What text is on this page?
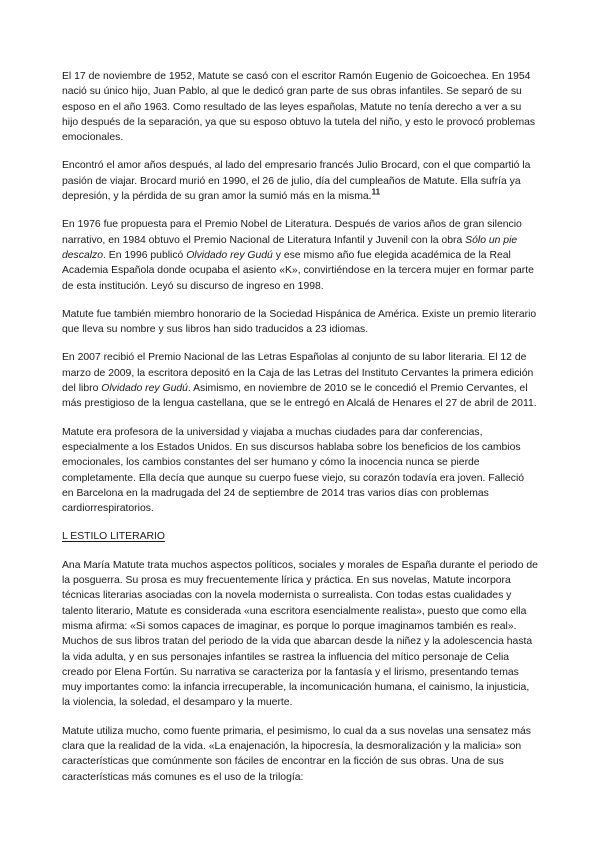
El 17 de noviembre de 1952, Matute se casó con el escritor Ramón Eugenio de Goicoechea. En 1954 nació su único hijo, Juan Pablo, al que le dedicó gran parte de sus obras infantiles. Se separó de su esposo en el año 1963. Como resultado de las leyes españolas, Matute no tenía derecho a ver a su hijo después de la separación, ya que su esposo obtuvo la tutela del niño, y esto le provocó problemas emocionales.

Encontró el amor años después, al lado del empresario francés Julio Brocard, con el que compartió la pasión de viajar. Brocard murió en 1990, el 26 de julio, día del cumpleaños de Matute. Ella sufría ya depresión, y la pérdida de su gran amor la sumió más en la misma.$^{11}$

En 1976 fue propuesta para el Premio Nobel de Literatura. Después de varios años de gran silencio narrativo, en 1984 obtuvo el Premio Nacional de Literatura Infantil y Juvenil con la obra Sólo un pie descalzo. En 1996 publicó Olvidado rey Gudú y ese mismo año fue elegida académica de la Real Academia Española donde ocupaba el asiento «K», convirtiéndose en la tercera mujer en formar parte de esta institución. Leyó su discurso de ingreso en 1998.

Matute fue también miembro honorario de la Sociedad Hispánica de América. Existe un premio literario que lleva su nombre y sus libros han sido traducidos a 23 idiomas.

En 2007 recibió el Premio Nacional de las Letras Españolas al conjunto de su labor literaria. El 12 de marzo de 2009, la escritora depositó en la Caja de las Letras del Instituto Cervantes la primera edición del libro Olvidado rey Gudú. Asimismo, en noviembre de 2010 se le concedió el Premio Cervantes, el más prestigioso de la lengua castellana, que se le entregó en Alcalá de Henares el 27 de abril de 2011.

Matute era profesora de la universidad y viajaba a muchas ciudades para dar conferencias, especialmente a los Estados Unidos. En sus discursos hablaba sobre los beneficios de los cambios emocionales, los cambios constantes del ser humano y cómo la inocencia nunca se pierde completamente. Ella decía que aunque su cuerpo fuese viejo, su corazón todavía era joven. Falleció en Barcelona en la madrugada del 24 de septiembre de 2014 tras varios días con problemas cardiorrespiratorios.

L ESTILO LITERARIO

Ana María Matute trata muchos aspectos políticos, sociales y morales de España durante el periodo de la posguerra. Su prosa es muy frecuentemente lírica y práctica. En sus novelas, Matute incorpora técnicas literarias asociadas con la novela modernista o surrealista. Con todas estas cualidades y talento literario, Matute es considerada «una escritora esencialmente realista», puesto que como ella misma afirma: «Si somos capaces de imaginar, es porque lo porque imaginamos también es real». Muchos de sus libros tratan del periodo de la vida que abarcan desde la niñez y la adolescencia hasta la vida adulta, y en sus personajes infantiles se rastrea la influencia del mítico personaje de Celia creado por Elena Fortún. Su narrativa se caracteriza por la fantasía y el lirismo, presentando temas muy importantes como: la infancia irrecuperable, la incomunicación humana, el cainismo, la injusticia, la violencia, la soledad, el desamparo y la muerte.

Matute utiliza mucho, como fuente primaria, el pesimismo, lo cual da a sus novelas una sensatez más clara que la realidad de la vida. «La enajenación, la hipocresía, la desmoralización y la malicia» son características que comúnmente son fáciles de encontrar en la ficción de sus obras. Una de sus características más comunes es el uso de la trilogía:
